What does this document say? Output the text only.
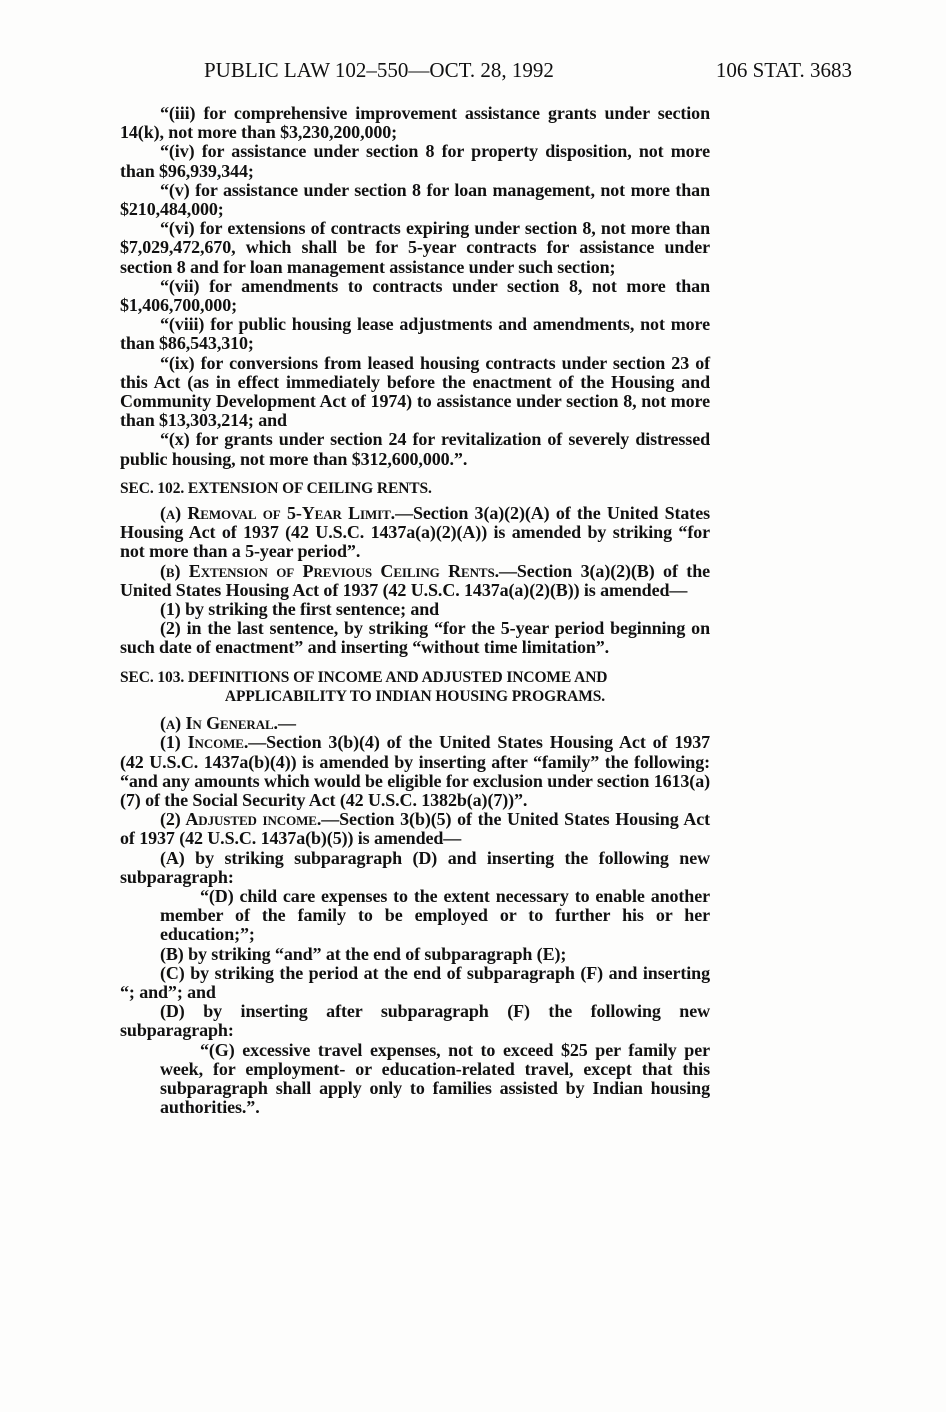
PUBLIC LAW 102–550—OCT. 28, 1992	106 STAT. 3683

“(iii) for comprehensive improvement assistance grants under section 14(k), not more than $3,230,200,000;

“(iv) for assistance under section 8 for property disposition, not more than $96,939,344;

“(v) for assistance under section 8 for loan management, not more than $210,484,000;

“(vi) for extensions of contracts expiring under section 8, not more than $7,029,472,670, which shall be for 5-year contracts for assistance under section 8 and for loan management assistance under such section;

“(vii) for amendments to contracts under section 8, not more than $1,406,700,000;

“(viii) for public housing lease adjustments and amendments, not more than $86,543,310;

“(ix) for conversions from leased housing contracts under section 23 of this Act (as in effect immediately before the enactment of the Housing and Community Development Act of 1974) to assistance under section 8, not more than $13,303,214; and

“(x) for grants under section 24 for revitalization of severely distressed public housing, not more than $312,600,000.”.

SEC. 102. EXTENSION OF CEILING RENTS.

(a) Removal of 5-Year Limit.—Section 3(a)(2)(A) of the United States Housing Act of 1937 (42 U.S.C. 1437a(a)(2)(A)) is amended by striking “for not more than a 5-year period”.

(b) Extension of Previous Ceiling Rents.—Section 3(a)(2)(B) of the United States Housing Act of 1937 (42 U.S.C. 1437a(a)(2)(B)) is amended—

(1) by striking the first sentence; and

(2) in the last sentence, by striking “for the 5-year period beginning on such date of enactment” and inserting “without time limitation”.

SEC. 103. DEFINITIONS OF INCOME AND ADJUSTED INCOME AND

APPLICABILITY TO INDIAN HOUSING PROGRAMS.

(a) In General.—

(1) Income.—Section 3(b)(4) of the United States Housing Act of 1937 (42 U.S.C. 1437a(b)(4)) is amended by inserting after “family” the following: “and any amounts which would be eligible for exclusion under section 1613(a)(7) of the Social Security Act (42 U.S.C. 1382b(a)(7))”.

(2) Adjusted income.—Section 3(b)(5) of the United States Housing Act of 1937 (42 U.S.C. 1437a(b)(5)) is amended—

(A) by striking subparagraph (D) and inserting the following new subparagraph:

“(D) child care expenses to the extent necessary to enable another member of the family to be employed or to further his or her education;”;

(B) by striking “and” at the end of subparagraph (E);

(C) by striking the period at the end of subparagraph (F) and inserting “; and”; and

(D) by inserting after subparagraph (F) the following new subparagraph:

“(G) excessive travel expenses, not to exceed $25 per family per week, for employment- or education-related travel, except that this subparagraph shall apply only to families assisted by Indian housing authorities.”.
